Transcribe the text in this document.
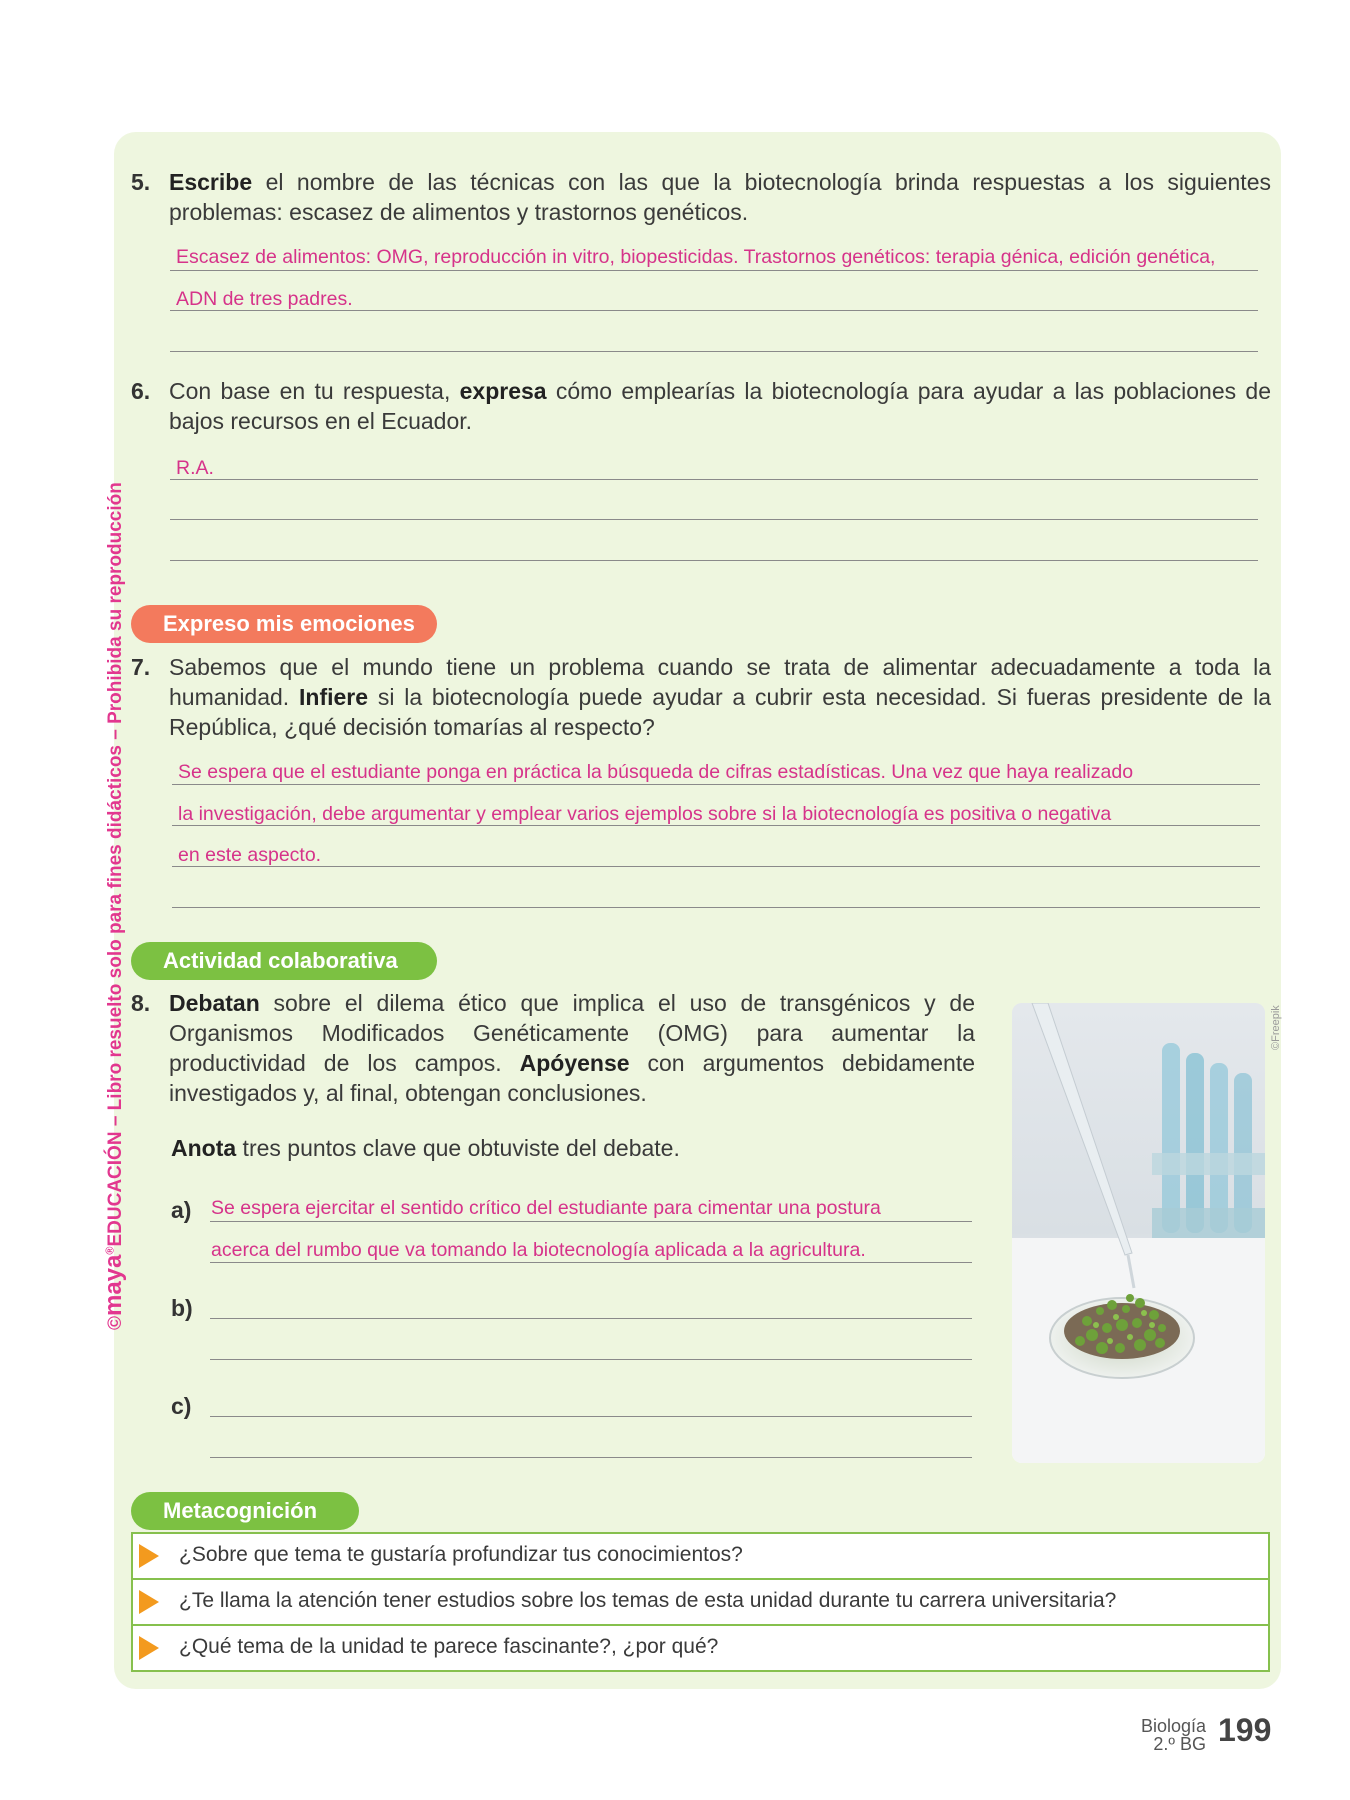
©maya®EDUCACIÓN – Libro resuelto solo para fines didácticos – Prohibida su reproducción
5. Escribe el nombre de las técnicas con las que la biotecnología brinda respuestas a los siguientes problemas: escasez de alimentos y trastornos genéticos.
Escasez de alimentos: OMG, reproducción in vitro, biopesticidas. Trastornos genéticos: terapia génica, edición genética,
ADN de tres padres.
6. Con base en tu respuesta, expresa cómo emplearías la biotecnología para ayudar a las poblaciones de bajos recursos en el Ecuador.
R.A.
Expreso mis emociones
7. Sabemos que el mundo tiene un problema cuando se trata de alimentar adecuadamente a toda la humanidad. Infiere si la biotecnología puede ayudar a cubrir esta necesidad. Si fueras presidente de la República, ¿qué decisión tomarías al respecto?
Se espera que el estudiante ponga en práctica la búsqueda de cifras estadísticas. Una vez que haya realizado
la investigación, debe argumentar y emplear varios ejemplos sobre si la biotecnología es positiva o negativa
en este aspecto.
Actividad colaborativa
8. Debatan sobre el dilema ético que implica el uso de transgénicos y de Organismos Modificados Genéticamente (OMG) para aumentar la productividad de los campos. Apóyense con argumentos debidamente investigados y, al final, obtengan conclusiones.
Anota tres puntos clave que obtuviste del debate.
a) Se espera ejercitar el sentido crítico del estudiante para cimentar una postura
acerca del rumbo que va tomando la biotecnología aplicada a la agricultura.
b)
c)
©Freepik
Metacognición
¿Sobre que tema te gustaría profundizar tus conocimientos?
¿Te llama la atención tener estudios sobre los temas de esta unidad durante tu carrera universitaria?
¿Qué tema de la unidad te parece fascinante?, ¿por qué?
Biología
2.º BG 199
